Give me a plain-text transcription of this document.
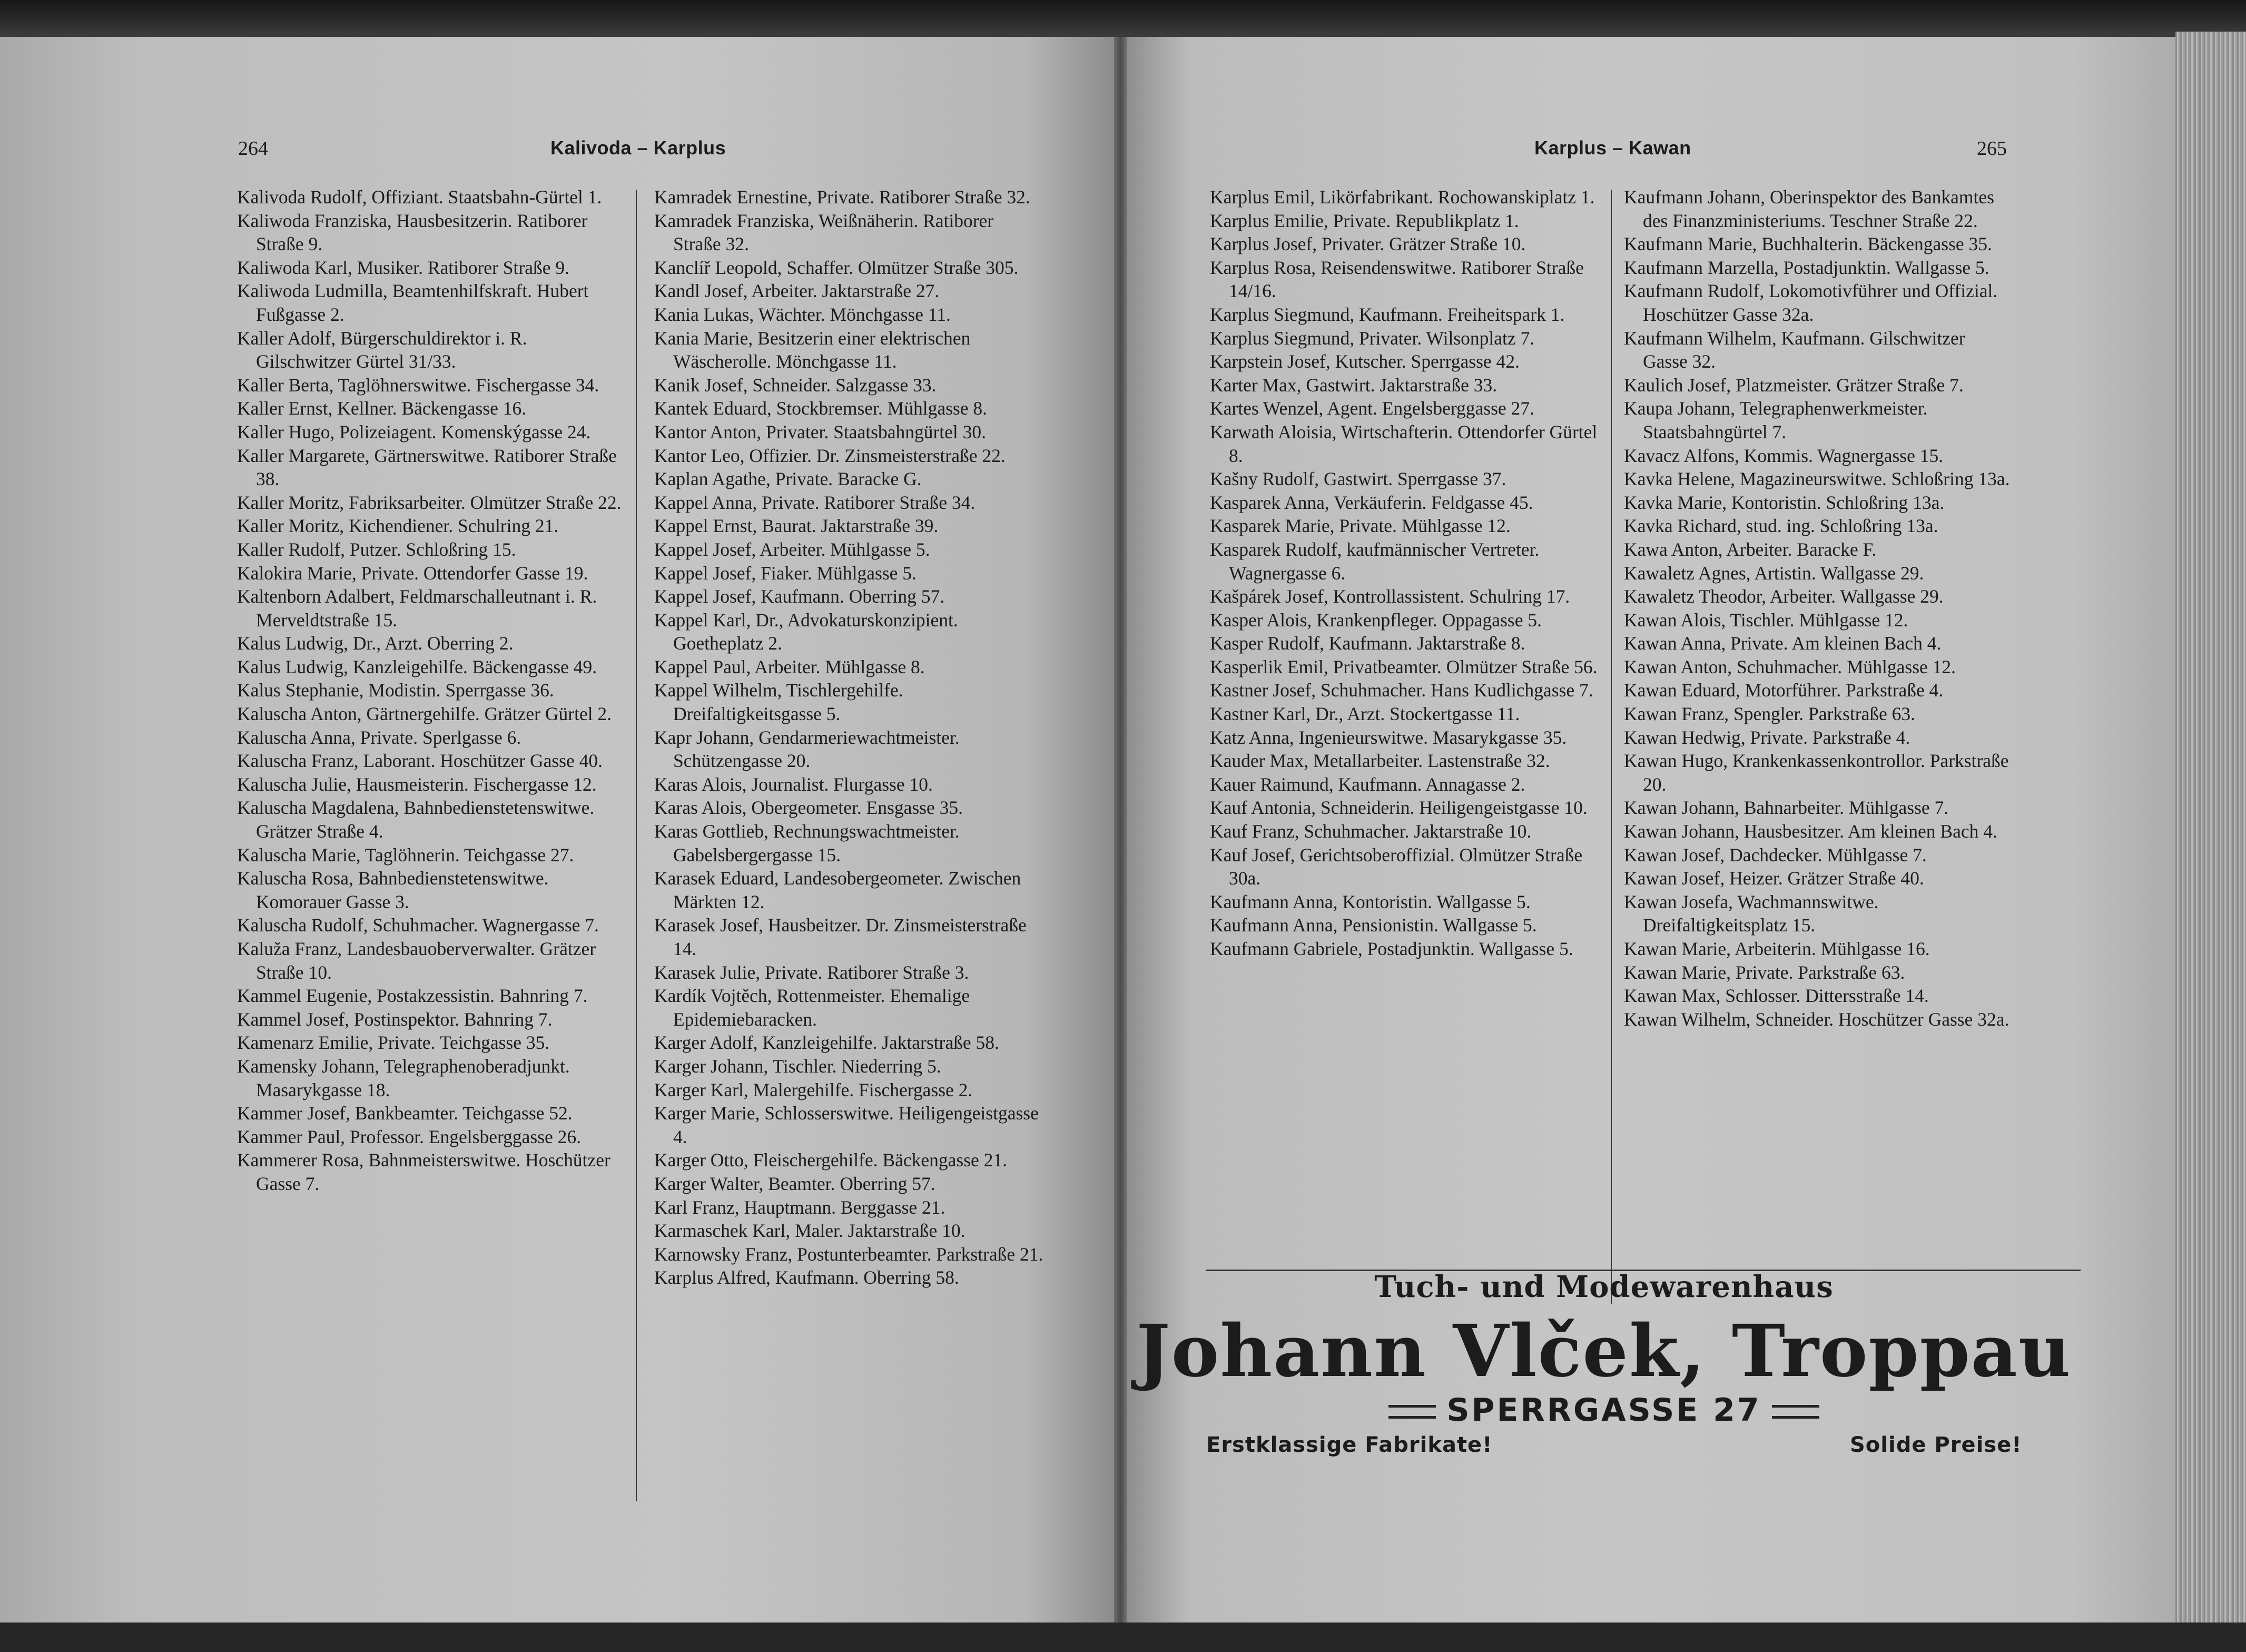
264	Kalivoda – Karplus
Kalivoda Rudolf, Offiziant. Staatsbahn-Gürtel 1.
Kaliwoda Franziska, Hausbesitzerin. Ratiborer Straße 9.
Kaliwoda Karl, Musiker. Ratiborer Straße 9.
Kaliwoda Ludmilla, Beamtenhilfskraft. Hubert Fußgasse 2.
Kaller Adolf, Bürgerschuldirektor i. R. Gilschwitzer Gürtel 31/33.
Kaller Berta, Taglöhnerswitwe. Fischergasse 34.
Kaller Ernst, Kellner. Bäckengasse 16.
Kaller Hugo, Polizeiagent. Komenskýgasse 24.
Kaller Margarete, Gärtnerswitwe. Ratiborer Straße 38.
Kaller Moritz, Fabriksarbeiter. Olmützer Straße 22.
Kaller Moritz, Kichendiener. Schulring 21.
Kaller Rudolf, Putzer. Schloßring 15.
Kalokira Marie, Private. Ottendorfer Gasse 19.
Kaltenborn Adalbert, Feldmarschalleutnant i. R. Merveldtstraße 15.
Kalus Ludwig, Dr., Arzt. Oberring 2.
Kalus Ludwig, Kanzleigehilfe. Bäckengasse 49.
Kalus Stephanie, Modistin. Sperrgasse 36.
Kaluscha Anton, Gärtnergehilfe. Grätzer Gürtel 2.
Kaluscha Anna, Private. Sperlgasse 6.
Kaluscha Franz, Laborant. Hoschützer Gasse 40.
Kaluscha Julie, Hausmeisterin. Fischergasse 12.
Kaluscha Magdalena, Bahnbedienstetenswitwe. Grätzer Straße 4.
Kaluscha Marie, Taglöhnerin. Teichgasse 27.
Kaluscha Rosa, Bahnbedienstetenswitwe. Komorauer Gasse 3.
Kaluscha Rudolf, Schuhmacher. Wagnergasse 7.
Kaluža Franz, Landesbauoberverwalter. Grätzer Straße 10.
Kammel Eugenie, Postakzessistin. Bahnring 7.
Kammel Josef, Postinspektor. Bahnring 7.
Kamenarz Emilie, Private. Teichgasse 35.
Kamensky Johann, Telegraphenoberadjunkt. Masarykgasse 18.
Kammer Josef, Bankbeamter. Teichgasse 52.
Kammer Paul, Professor. Engelsberggasse 26.
Kammerer Rosa, Bahnmeisterswitwe. Hoschützer Gasse 7.
Kamradek Ernestine, Private. Ratiborer Straße 32.
Kamradek Franziska, Weißnäherin. Ratiborer Straße 32.
Kanclíř Leopold, Schaffer. Olmützer Straße 305.
Kandl Josef, Arbeiter. Jaktarstraße 27.
Kania Lukas, Wächter. Mönchgasse 11.
Kania Marie, Besitzerin einer elektrischen Wäscherolle. Mönchgasse 11.
Kanik Josef, Schneider. Salzgasse 33.
Kantek Eduard, Stockbremser. Mühlgasse 8.
Kantor Anton, Privater. Staatsbahngürtel 30.
Kantor Leo, Offizier. Dr. Zinsmeisterstraße 22.
Kaplan Agathe, Private. Baracke G.
Kappel Anna, Private. Ratiborer Straße 34.
Kappel Ernst, Baurat. Jaktarstraße 39.
Kappel Josef, Arbeiter. Mühlgasse 5.
Kappel Josef, Fiaker. Mühlgasse 5.
Kappel Josef, Kaufmann. Oberring 57.
Kappel Karl, Dr., Advokaturskonzipient. Goetheplatz 2.
Kappel Paul, Arbeiter. Mühlgasse 8.
Kappel Wilhelm, Tischlergehilfe. Dreifaltigkeitsgasse 5.
Kapr Johann, Gendarmeriewachtmeister. Schützengasse 20.
Karas Alois, Journalist. Flurgasse 10.
Karas Alois, Obergeometer. Ensgasse 35.
Karas Gottlieb, Rechnungswachtmeister. Gabelsbergergasse 15.
Karasek Eduard, Landesobergeometer. Zwischen Märkten 12.
Karasek Josef, Hausbeitzer. Dr. Zinsmeisterstraße 14.
Karasek Julie, Private. Ratiborer Straße 3.
Kardík Vojtěch, Rottenmeister. Ehemalige Epidemiebaracken.
Karger Adolf, Kanzleigehilfe. Jaktarstraße 58.
Karger Johann, Tischler. Niederring 5.
Karger Karl, Malergehilfe. Fischergasse 2.
Karger Marie, Schlosserswitwe. Heiligengeistgasse 4.
Karger Otto, Fleischergehilfe. Bäckengasse 21.
Karger Walter, Beamter. Oberring 57.
Karl Franz, Hauptmann. Berggasse 21.
Karmaschek Karl, Maler. Jaktarstraße 10.
Karnowsky Franz, Postunterbeamter. Parkstraße 21.
Karplus Alfred, Kaufmann. Oberring 58.
Karplus – Kawan	265
Karplus Emil, Likörfabrikant. Rochowanskiplatz 1.
Karplus Emilie, Private. Republikplatz 1.
Karplus Josef, Privater. Grätzer Straße 10.
Karplus Rosa, Reisendenswitwe. Ratiborer Straße 14/16.
Karplus Siegmund, Kaufmann. Freiheitspark 1.
Karplus Siegmund, Privater. Wilsonplatz 7.
Karpstein Josef, Kutscher. Sperrgasse 42.
Karter Max, Gastwirt. Jaktarstraße 33.
Kartes Wenzel, Agent. Engelsberggasse 27.
Karwath Aloisia, Wirtschafterin. Ottendorfer Gürtel 8.
Kašny Rudolf, Gastwirt. Sperrgasse 37.
Kasparek Anna, Verkäuferin. Feldgasse 45.
Kasparek Marie, Private. Mühlgasse 12.
Kasparek Rudolf, kaufmännischer Vertreter. Wagnergasse 6.
Kašpárek Josef, Kontrollassistent. Schulring 17.
Kasper Alois, Krankenpfleger. Oppagasse 5.
Kasper Rudolf, Kaufmann. Jaktarstraße 8.
Kasperlik Emil, Privatbeamter. Olmützer Straße 56.
Kastner Josef, Schuhmacher. Hans Kudlichgasse 7.
Kastner Karl, Dr., Arzt. Stockertgasse 11.
Katz Anna, Ingenieurswitwe. Masarykgasse 35.
Kauder Max, Metallarbeiter. Lastenstraße 32.
Kauer Raimund, Kaufmann. Annagasse 2.
Kauf Antonia, Schneiderin. Heiligengeistgasse 10.
Kauf Franz, Schuhmacher. Jaktarstraße 10.
Kauf Josef, Gerichtsoberoffizial. Olmützer Straße 30a.
Kaufmann Anna, Kontoristin. Wallgasse 5.
Kaufmann Anna, Pensionistin. Wallgasse 5.
Kaufmann Gabriele, Postadjunktin. Wallgasse 5.
Kaufmann Johann, Oberinspektor des Bankamtes des Finanzministeriums. Teschner Straße 22.
Kaufmann Marie, Buchhalterin. Bäckengasse 35.
Kaufmann Marzella, Postadjunktin. Wallgasse 5.
Kaufmann Rudolf, Lokomotivführer und Offizial. Hoschützer Gasse 32a.
Kaufmann Wilhelm, Kaufmann. Gilschwitzer Gasse 32.
Kaulich Josef, Platzmeister. Grätzer Straße 7.
Kaupa Johann, Telegraphenwerkmeister. Staatsbahngürtel 7.
Kavacz Alfons, Kommis. Wagnergasse 15.
Kavka Helene, Magazineurswitwe. Schloßring 13a.
Kavka Marie, Kontoristin. Schloßring 13a.
Kavka Richard, stud. ing. Schloßring 13a.
Kawa Anton, Arbeiter. Baracke F.
Kawaletz Agnes, Artistin. Wallgasse 29.
Kawaletz Theodor, Arbeiter. Wallgasse 29.
Kawan Alois, Tischler. Mühlgasse 12.
Kawan Anna, Private. Am kleinen Bach 4.
Kawan Anton, Schuhmacher. Mühlgasse 12.
Kawan Eduard, Motorführer. Parkstraße 4.
Kawan Franz, Spengler. Parkstraße 63.
Kawan Hedwig, Private. Parkstraße 4.
Kawan Hugo, Krankenkassenkontrollor. Parkstraße 20.
Kawan Johann, Bahnarbeiter. Mühlgasse 7.
Kawan Johann, Hausbesitzer. Am kleinen Bach 4.
Kawan Josef, Dachdecker. Mühlgasse 7.
Kawan Josef, Heizer. Grätzer Straße 40.
Kawan Josefa, Wachmannswitwe. Dreifaltigkeitsplatz 15.
Kawan Marie, Arbeiterin. Mühlgasse 16.
Kawan Marie, Private. Parkstraße 63.
Kawan Max, Schlosser. Dittersstraße 14.
Kawan Wilhelm, Schneider. Hoschützer Gasse 32a.
Tuch- und Modewarenhaus
Johann Vlček, Troppau
SPERRGASSE 27
Erstklassige Fabrikate!	Solide Preise!
